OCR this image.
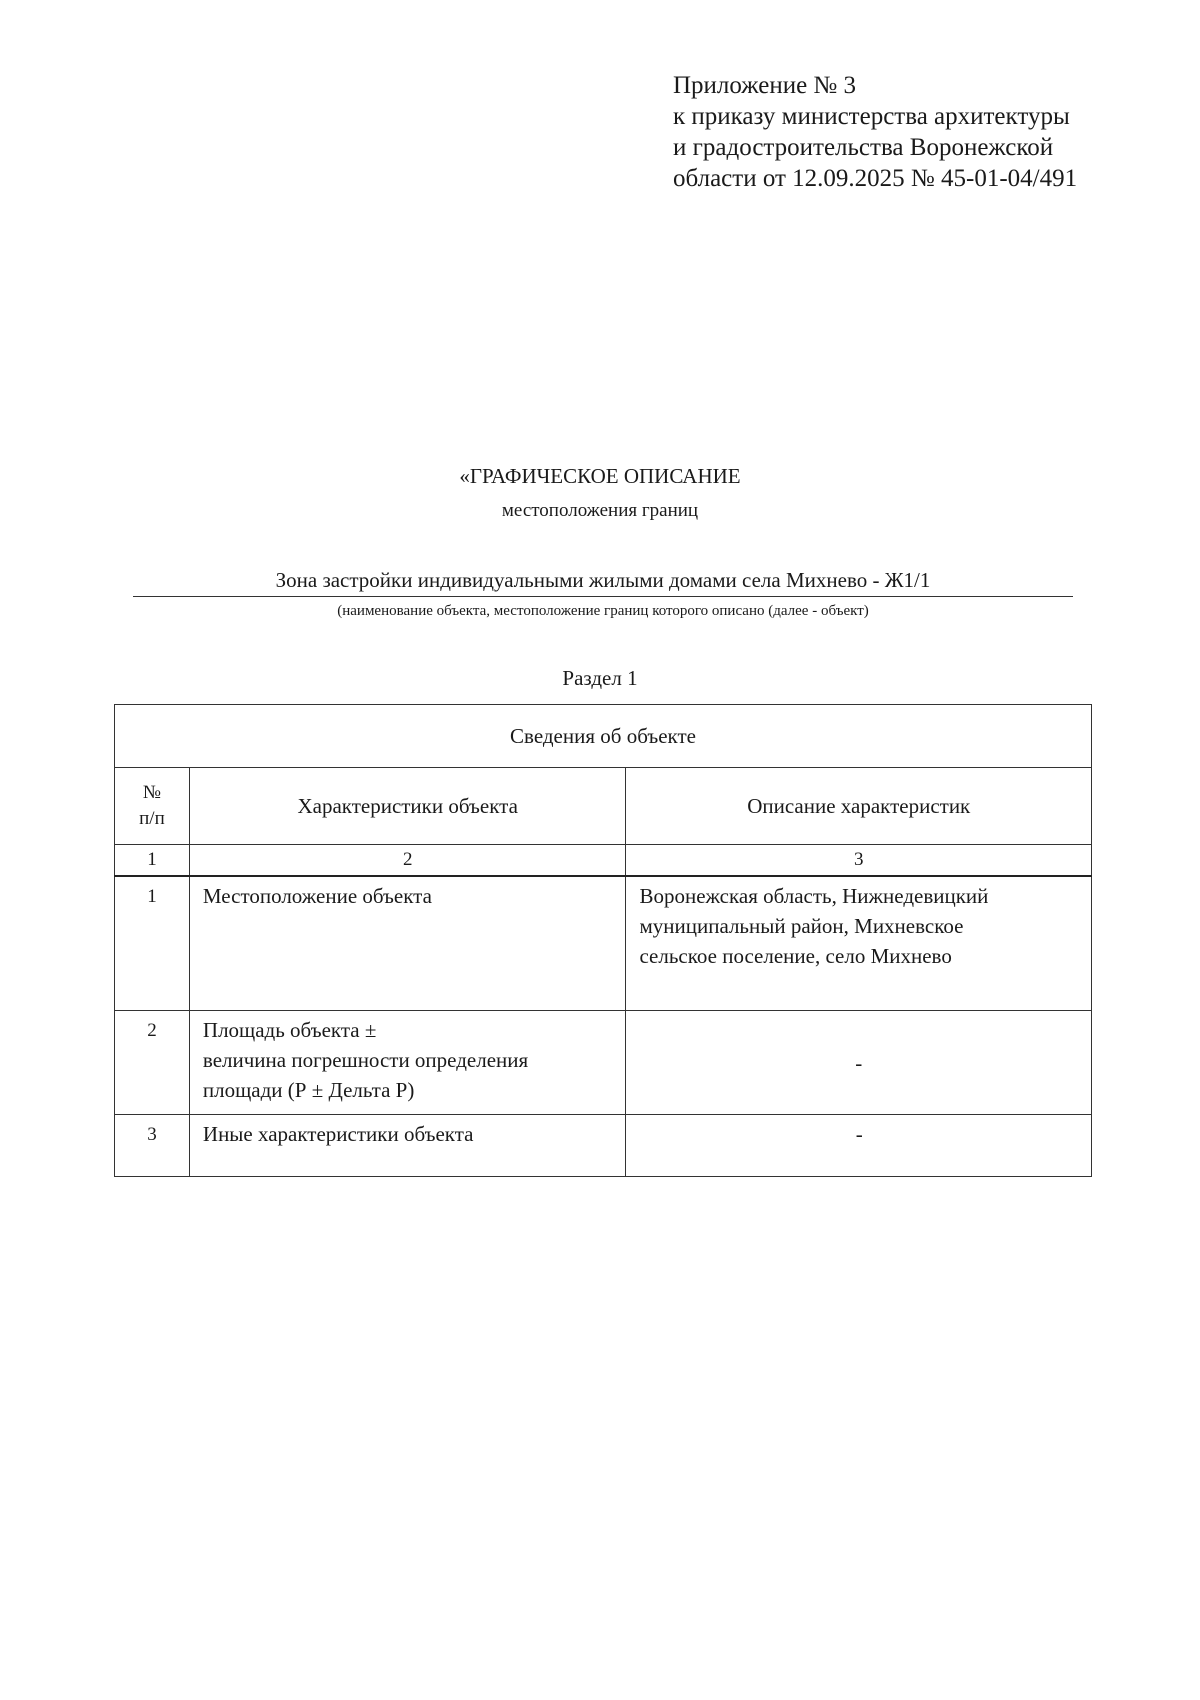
Приложение № 3
к приказу министерства архитектуры
и градостроительства Воронежской
области от 12.09.2025 № 45-01-04/491
«ГРАФИЧЕСКОЕ ОПИСАНИЕ
местоположения границ
Зона застройки индивидуальными жилыми домами села Михнево - Ж1/1
(наименование объекта, местоположение границ которого описано (далее - объект)
Раздел 1
Сведения об объекте		

№
п/п	Характеристики объекта	Описание характеристик
1	2	3
1	Местоположение объекта	Воронежская область, Нижнедевицкий
муниципальный район, Михневское
сельское поселение, село Михнево

2	Площадь объекта ±
величина погрешности определения
площади (Р ± Дельта Р)	-
3	Иные характеристики объекта	-
